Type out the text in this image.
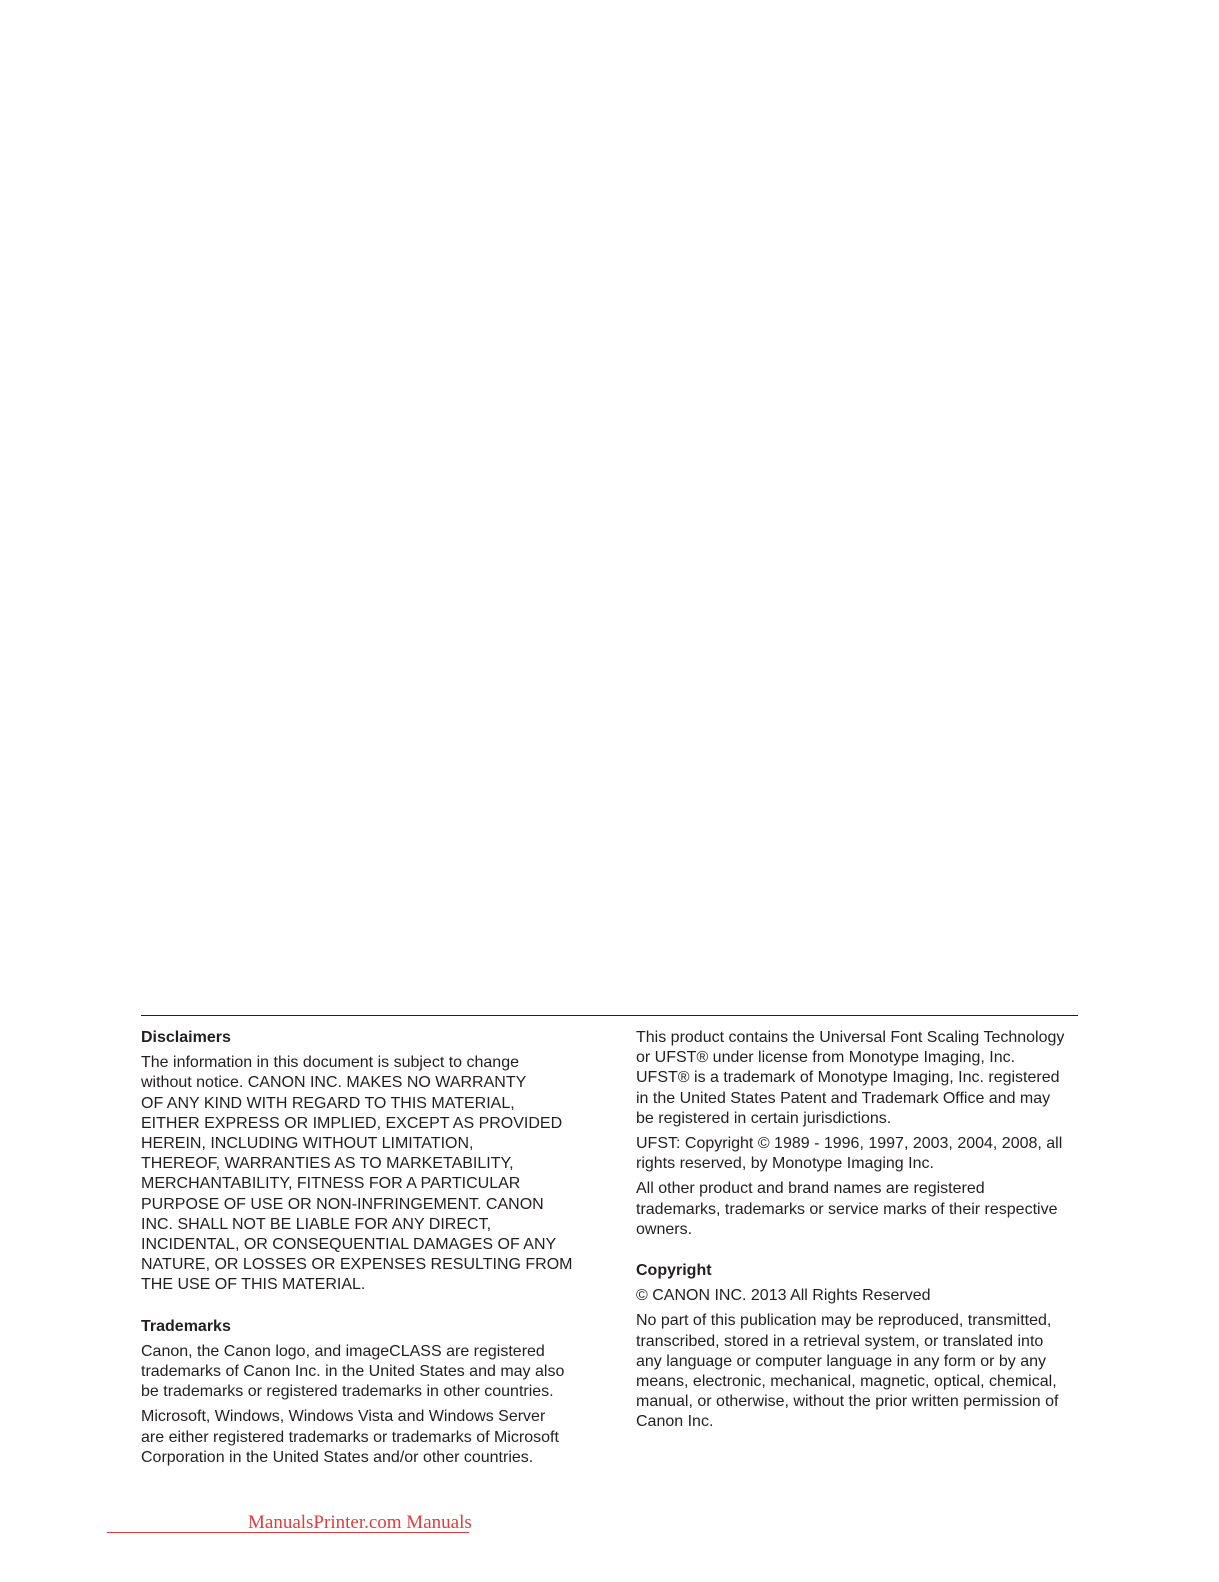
Disclaimers
The information in this document is subject to change
without notice. CANON INC. MAKES NO WARRANTY
OF ANY KIND WITH REGARD TO THIS MATERIAL,
EITHER EXPRESS OR IMPLIED, EXCEPT AS PROVIDED
HEREIN, INCLUDING WITHOUT LIMITATION,
THEREOF, WARRANTIES AS TO MARKETABILITY,
MERCHANTABILITY, FITNESS FOR A PARTICULAR
PURPOSE OF USE OR NON-INFRINGEMENT. CANON
INC. SHALL NOT BE LIABLE FOR ANY DIRECT,
INCIDENTAL, OR CONSEQUENTIAL DAMAGES OF ANY
NATURE, OR LOSSES OR EXPENSES RESULTING FROM
THE USE OF THIS MATERIAL.
Trademarks
Canon, the Canon logo, and imageCLASS are registered
trademarks of Canon Inc. in the United States and may also
be trademarks or registered trademarks in other countries.
Microsoft, Windows, Windows Vista and Windows Server
are either registered trademarks or trademarks of Microsoft
Corporation in the United States and/or other countries.
This product contains the Universal Font Scaling Technology
or UFST® under license from Monotype Imaging, Inc.
UFST® is a trademark of Monotype Imaging, Inc. registered
in the United States Patent and Trademark Office and may
be registered in certain jurisdictions.
UFST: Copyright © 1989 - 1996, 1997, 2003, 2004, 2008, all
rights reserved, by Monotype Imaging Inc.
All other product and brand names are registered
trademarks, trademarks or service marks of their respective
owners.
Copyright
© CANON INC. 2013 All Rights Reserved
No part of this publication may be reproduced, transmitted,
transcribed, stored in a retrieval system, or translated into
any language or computer language in any form or by any
means, electronic, mechanical, magnetic, optical, chemical,
manual, or otherwise, without the prior written permission of
Canon Inc.
ManualsPrinter.com Manuals
